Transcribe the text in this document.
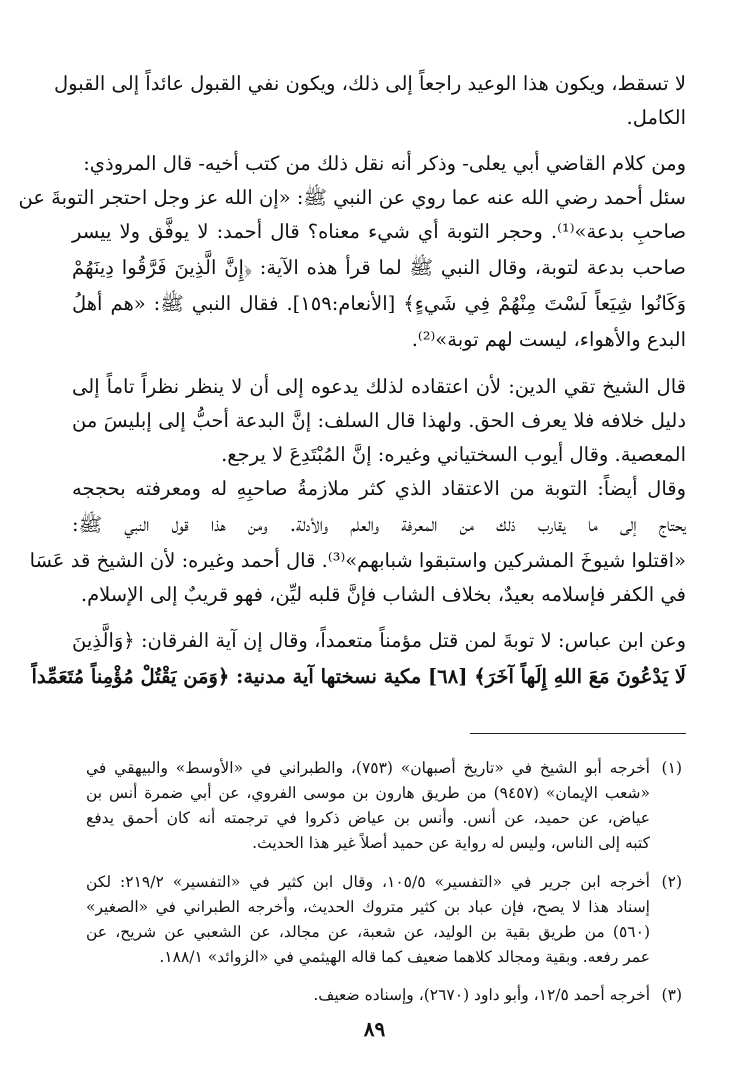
لا تسقط، ويكون هذا الوعيد راجعاً إلى ذلك، ويكون نفي القبول عائداً إلى القبول
الكامل.
ومن كلام القاضي أبي يعلى- وذكر أنه نقل ذلك من كتب أخيه- قال المروذي:
سئل أحمد رضي الله عنه عما روي عن النبي ﷺ: «إن الله عز وجل احتجر التوبةَ عن
صاحبِ بدعة»⁽¹⁾. وحجر التوبة أي شيء معناه؟ قال أحمد: لا يوفَّق ولا ييسر
صاحب بدعة لتوبة، وقال النبي ﷺ لما قرأ هذه الآية: ﴿إِنَّ الَّذِينَ فَرَّقُوا دِينَهُمْ
وَكَانُوا شِيَعاً لَسْتَ مِنْهُمْ فِي شَيءٍ﴾ [الأنعام:١٥٩]. فقال النبي ﷺ: «هم أهلُ
البدع والأهواء، ليست لهم توبة»⁽²⁾.
قال الشيخ تقي الدين: لأن اعتقاده لذلك يدعوه إلى أن لا ينظر نظراً تاماً إلى
دليل خلافه فلا يعرف الحق. ولهذا قال السلف: إنَّ البدعة أحبُّ إلى إبليسَ من
المعصية. وقال أيوب السختياني وغيره: إنَّ المُبْتَدِعَ لا يرجع.
وقال أيضاً: التوبة من الاعتقاد الذي كثر ملازمةُ صاحبِهِ له ومعرفته بحججه
يحتاج إلى ما يقارب ذلك من المعرفة والعلم والأدلة. ومن هذا قول النبي ﷺ:
«اقتلوا شيوخَ المشركين واستبقوا شبابهم»⁽³⁾. قال أحمد وغيره: لأن الشيخ قد عَسَا
في الكفر فإسلامه بعيدٌ، بخلاف الشاب فإنَّ قلبه ليِّن، فهو قريبٌ إلى الإسلام.
وعن ابن عباس: لا توبةَ لمن قتل مؤمناً متعمداً، وقال إن آية الفرقان: ﴿وَالَّذِينَ
لَا يَدْعُونَ مَعَ اللهِ إِلَهاً آخَرَ﴾ [٦٨] مكية نسختها آية مدنية: ﴿وَمَن يَقْتُلْ مُؤْمِناً مُتَعَمِّداً
(١)
أخرجه أبو الشيخ في «تاريخ أصبهان» (٧٥٣)، والطبراني في «الأوسط» والبيهقي في
«شعب الإيمان» (٩٤٥٧) من طريق هارون بن موسى الفروي، عن أبي ضمرة أنس بن
عياض، عن حميد، عن أنس. وأنس بن عياض ذكروا في ترجمته أنه كان أحمق يدفع
كتبه إلى الناس، وليس له رواية عن حميد أصلاً غير هذا الحديث.
(٢)
أخرجه ابن جرير في «التفسير» ١٠٥/٥، وقال ابن كثير في «التفسير» ٢١٩/٢: لكن
إسناد هذا لا يصح، فإن عباد بن كثير متروك الحديث، وأخرجه الطبراني في «الصغير»
(٥٦٠) من طريق بقية بن الوليد، عن شعبة، عن مجالد، عن الشعبي عن شريح، عن
عمر رفعه. وبقية ومجالد كلاهما ضعيف كما قاله الهيثمي في «الزوائد» ١٨٨/١.
(٣)
أخرجه أحمد ١٢/٥، وأبو داود (٢٦٧٠)، وإسناده ضعيف.
٨٩
